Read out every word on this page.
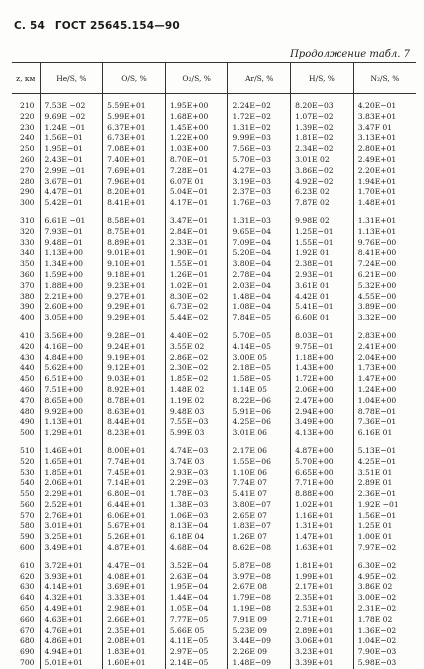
С. 54 ГОСТ 25645.154—90
Продолжение табл. 7
z, км	He/S, %	O/S, %	O₂/S, %	Ar/S, %	H/S, %	N₂/S, %

210	7.53E −02	5.59E+01	1.95E+00	2.24E−02	8.20E−03	4.20E−01
220	9.69E −02	5.99E+01	1.68E+00	1.72E−02	1.07E−02	3.83E+01
230	1.24E −01	6.37E+01	1.45E+00	1.31E−02	1.39E−02	3.47F 01
240	1.56E−01	6.73E+01	1.22E+00	9.99E−03	1.81E−02	3.13E+01
250	1.95E−01	7.08E+01	1.03E+00	7.56E−03	2.34E−02	2.80E+01
260	2.43E−01	7.40E+01	8.70E−01	5.70E−03	3.01E 02	2.49E+01
270	2.99E −01	7.69E+01	7.28E−01	4.27E−03	3.86E−02	2.20E+01
280	3.67E−01	7.96E+01	6.07E 01	3.19E−03	4.92E−02	1.94E+01
290	4.47E−01	8.20E+01	5.04E−01	2.37E−03	6.23E 02	1.70E+01
300	5.42E−01	8.41E+01	4.17E−01	1.76E−03	7.87E 02	1.48E+01

310	6.61E −01	8.58E+01	3.47E−01	1.31E−03	9.98E 02	1.31E+01
320	7.93E−01	8.75E+01	2.84E−01	9.65E−04	1.25E−01	1.13E+01
330	9.48E−01	8.89E+01	2.33E−01	7.09E−04	1.55E−01	9.76E−00
340	1.13E+00	9.01E+01	1.90E−01	5.20E−04	1.92E 01	8.41E+00
350	1.34E+00	9.10E+01	1.55E−01	3.80E−04	2.38E−01	7.24E−00
360	1.59E+00	9.18E+01	1.26E−01	2.78E−04	2.93E−01	6.21E−00
370	1.88E+00	9.23E+01	1.02E−01	2.03E−04	3.61E 01	5.32E+00
380	2.21E+00	9.27E+01	8.30E−02	1.48E−04	4.42E 01	4.55E−00
390	2.60E+00	9.29E+01	6.73E−02	1.08E−04	5.41E−01	3.89E−00
400	3.05E+00	9.29E+01	5.44E−02	7.84E−05	6.60E 01	3.32E−00

410	3.56E+00	9.28E−01	4.40E−02	5.70E−05	8.03E−01	2.83E+00
420	4.16E−00	9.24E+01	3.55E 02	4.14E−05	9.75E−01	2.41E+00
430	4.84E+00	9.19E+01	2.86E−02	3.00E 05	1.18E+00	2.04E+00
440	5.62E+00	9.12E+01	2.30E−02	2.18E−05	1.43E+00	1.73E+00
450	6.51E+00	9.03E+01	1.85E−02	1.58E−05	1.72E+00	1.47E+00
460	7.51E+00	8.92E+01	1.48E 02	1.14E 05	2.06E+00	1.24E+00
470	8.65E+00	8.78E+01	1.19E 02	8.22E−06	2.47E+00	1.04E+00
480	9.92E+00	8.63E+01	9.48E 03	5.91E−06	2.94E+00	8.78E−01
490	1.13E+01	8.44E+01	7.55E−03	4.25E−06	3.49E+00	7.36E−01
500	1.29E+01	8.23E+01	5.99E 03	3.01E 06	4.13E+00	6.16E 01

510	1.46E+01	8.00E+01	4.74E−03	2.17E 06	4.87E+00	5.13E−01
520	1.65E+01	7.74E+01	3.74E 03	1.55E−06	5.70E+00	4.25E−01
530	1.85E+01	7.45E+01	2.93E−03	1.10E 06	6.65E+00	3.51E 01
540	2.06E+01	7.14E+01	2.29E−03	7.74E 07	7.71E+00	2.89E 01
550	2.29E+01	6.80E−01	1.78E−03	5.41E 07	8.88E+00	2.36E−01
560	2.52E+01	6.44E+01	1.38E−03	3.80E−07	1.02E+01	1.92E −01
570	2.76E+01	6.06E+01	1.06E−03	2.65E 07	1.16E+01	1.56E−01
580	3.01E+01	5.67E+01	8.13E−04	1.83E−07	1.31E+01	1.25E 01
590	3.25E+01	5.26E+01	6.18E 04	1.26E 07	1.47E+01	1.00E 01
600	3.49E+01	4.87E+01	4.68E−04	8.62E−08	1.63E+01	7.97E−02

610	3.72E+01	4.47E−01	3.52E−04	5.87E−08	1.81E+01	6.30E−02
620	3.93E+01	4.08E+01	2.63E−04	3.97E−08	1.99E+01	4.95E−02
630	4.14E+01	3.69E+01	1.95E−04	2.67E 08	2.17E+01	3.86E 02
640	4.32E+01	3.33E+01	1.44E−04	1.79E−08	2.35E+01	3.00E−02
650	4.49E+01	2.98E+01	1.05E−04	1.19E−08	2.53E+01	2.31E−02
660	4.63E+01	2.66E+01	7.77E−05	7.91E 09	2.71E+01	1.78E 02
670	4.76E+01	2.35E+01	5.66E 05	5.23E 09	2.89E+01	1.36E−02
680	4.86E+01	2.08E+01	4.11E−05	3.44E−09	3.06E+01	1.04E−02
690	4.94E+01	1.83E+01	2.97E−05	2.26E 09	3.23E+01	7.90E−03
700	5.01E+01	1.60E+01	2.14E−05	1.48E−09	3.39E+01	5.98E−03
